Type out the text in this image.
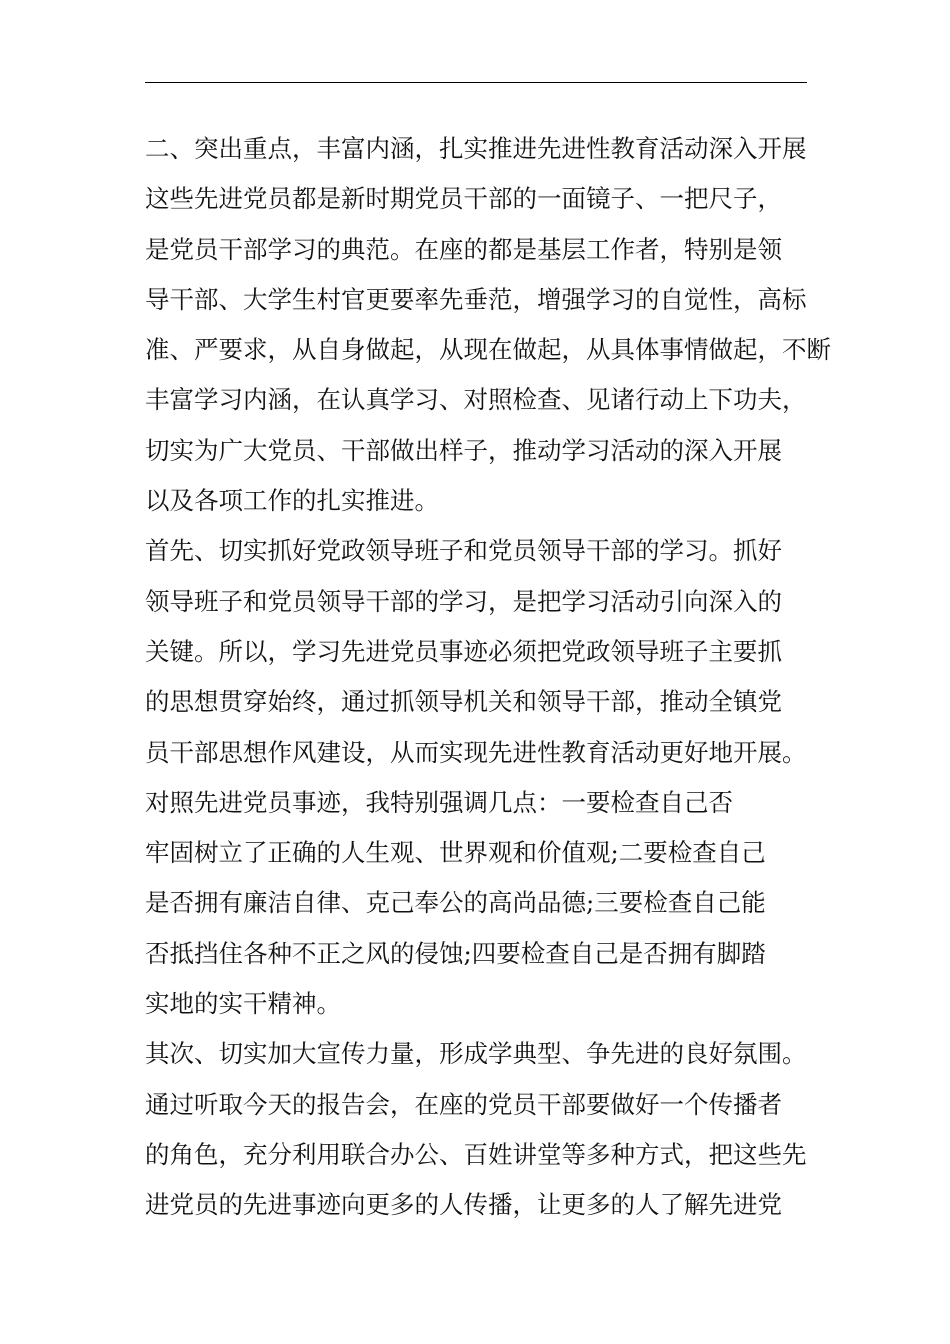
二、突出重点，丰富内涵，扎实推进先进性教育活动深入开展
这些先进党员都是新时期党员干部的一面镜子、一把尺子，
是党员干部学习的典范。在座的都是基层工作者，特别是领
导干部、大学生村官更要率先垂范，增强学习的自觉性，高标
准、严要求，从自身做起，从现在做起，从具体事情做起，不断
丰富学习内涵，在认真学习、对照检查、见诸行动上下功夫，
切实为广大党员、干部做出样子，推动学习活动的深入开展
以及各项工作的扎实推进。
首先、切实抓好党政领导班子和党员领导干部的学习。抓好
领导班子和党员领导干部的学习，是把学习活动引向深入的
关键。所以，学习先进党员事迹必须把党政领导班子主要抓
的思想贯穿始终，通过抓领导机关和领导干部，推动全镇党
员干部思想作风建设，从而实现先进性教育活动更好地开展。
对照先进党员事迹，我特别强调几点：一要检查自己否
牢固树立了正确的人生观、世界观和价值观;二要检查自己
是否拥有廉洁自律、克己奉公的高尚品德;三要检查自己能
否抵挡住各种不正之风的侵蚀;四要检查自己是否拥有脚踏
实地的实干精神。
其次、切实加大宣传力量，形成学典型、争先进的良好氛围。
通过听取今天的报告会，在座的党员干部要做好一个传播者
的角色，充分利用联合办公、百姓讲堂等多种方式，把这些先
进党员的先进事迹向更多的人传播，让更多的人了解先进党
